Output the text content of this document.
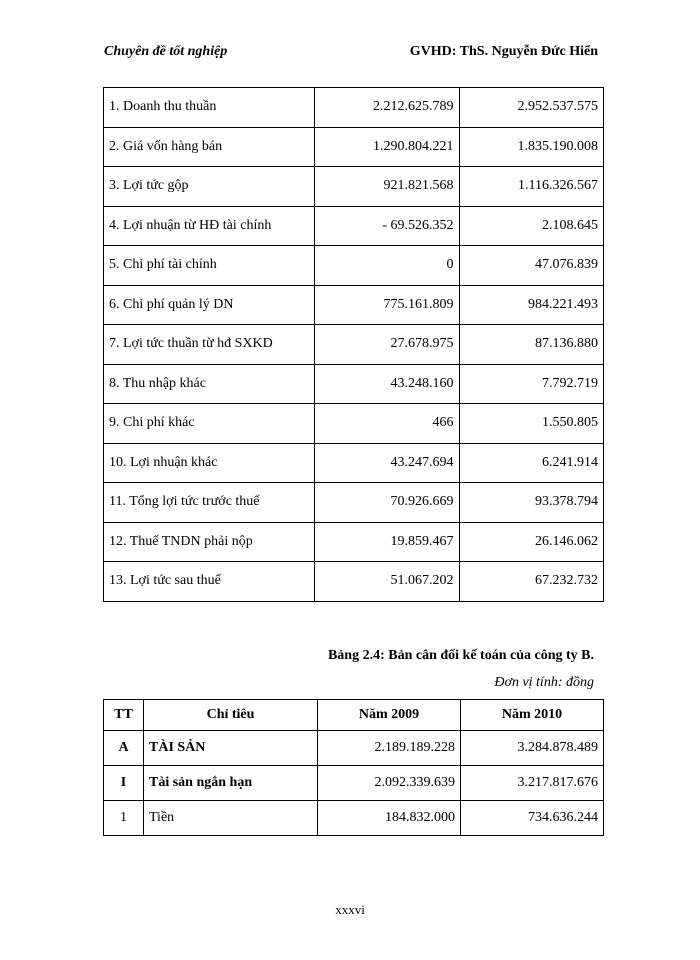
Chuyên đề tốt nghiệp	GVHD: ThS. Nguyễn Đức Hiển
1. Doanh thu thuần	2.212.625.789	2.952.537.575
2. Giá vốn hàng bán	1.290.804.221	1.835.190.008
3. Lợi tức gộp	921.821.568	1.116.326.567
4. Lợi nhuận từ HĐ tài chính	- 69.526.352	2.108.645
5. Chi phí tài chính	0	47.076.839
6. Chi phí quản lý DN	775.161.809	984.221.493
7. Lợi tức thuần từ hđ SXKD	27.678.975	87.136.880
8. Thu nhập khác	43.248.160	7.792.719
9. Chi phí khác	466	1.550.805
10. Lợi nhuận khác	43.247.694	6.241.914
11. Tổng lợi tức trước thuế	70.926.669	93.378.794
12. Thuế TNDN phải nộp	19.859.467	26.146.062
13. Lợi tức sau thuế	51.067.202	67.232.732
Bảng 2.4: Bản cân đối kế toán của công ty B.
Đơn vị tính: đồng
TT	Chỉ tiêu	Năm 2009	Năm 2010
A	TÀI SẢN	2.189.189.228	3.284.878.489
I	Tài sản ngắn hạn	2.092.339.639	3.217.817.676
1	Tiền	184.832.000	734.636.244
xxxvi
